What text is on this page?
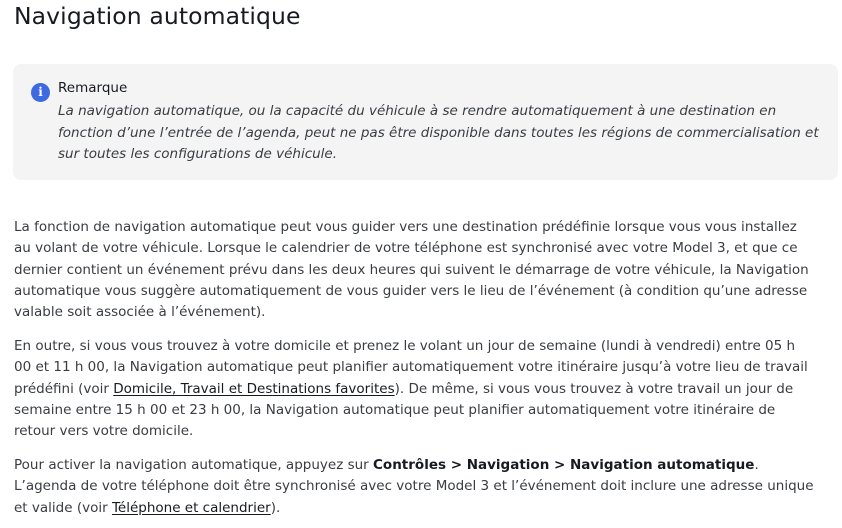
Navigation automatique
i	Remarque

La navigation automatique, ou la capacité du véhicule à se rendre automatiquement à une destination en fonction d’une l’entrée de l’agenda, peut ne pas être disponible dans toutes les régions de commercialisation et sur toutes les configurations de véhicule.

La fonction de navigation automatique peut vous guider vers une destination prédéfinie lorsque vous vous installez au volant de votre véhicule. Lorsque le calendrier de votre téléphone est synchronisé avec votre Model 3, et que ce dernier contient un événement prévu dans les deux heures qui suivent le démarrage de votre véhicule, la Navigation automatique vous suggère automatiquement de vous guider vers le lieu de l’événement (à condition qu’une adresse valable soit associée à l’événement).

En outre, si vous vous trouvez à votre domicile et prenez le volant un jour de semaine (lundi à vendredi) entre 05 h 00 et 11 h 00, la Navigation automatique peut planifier automatiquement votre itinéraire jusqu’à votre lieu de travail prédéfini (voir Domicile, Travail et Destinations favorites). De même, si vous vous trouvez à votre travail un jour de semaine entre 15 h 00 et 23 h 00, la Navigation automatique peut planifier automatiquement votre itinéraire de retour vers votre domicile.

Pour activer la navigation automatique, appuyez sur Contrôles > Navigation > Navigation automatique. L’agenda de votre téléphone doit être synchronisé avec votre Model 3 et l’événement doit inclure une adresse unique et valide (voir Téléphone et calendrier).
